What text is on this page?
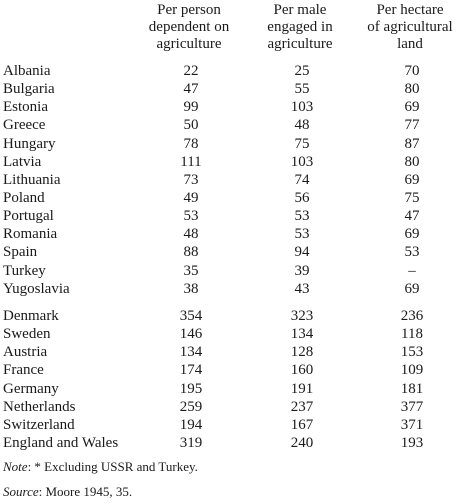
Per person
dependent on
agriculture
Per male
engaged in
agriculture
Per hectare
of agricultural
land
Albania	22	25	70
Bulgaria	47	55	80
Estonia	99	103	69
Greece	50	48	77
Hungary	78	75	87
Latvia	111	103	80
Lithuania	73	74	69
Poland	49	56	75
Portugal	53	53	47
Romania	48	53	69
Spain	88	94	53
Turkey	35	39	–
Yugoslavia	38	43	69
Denmark	354	323	236
Sweden	146	134	118
Austria	134	128	153
France	174	160	109
Germany	195	191	181
Netherlands	259	237	377
Switzerland	194	167	371
England and Wales	319	240	193
Note: * Excluding USSR and Turkey.
Source: Moore 1945, 35.
